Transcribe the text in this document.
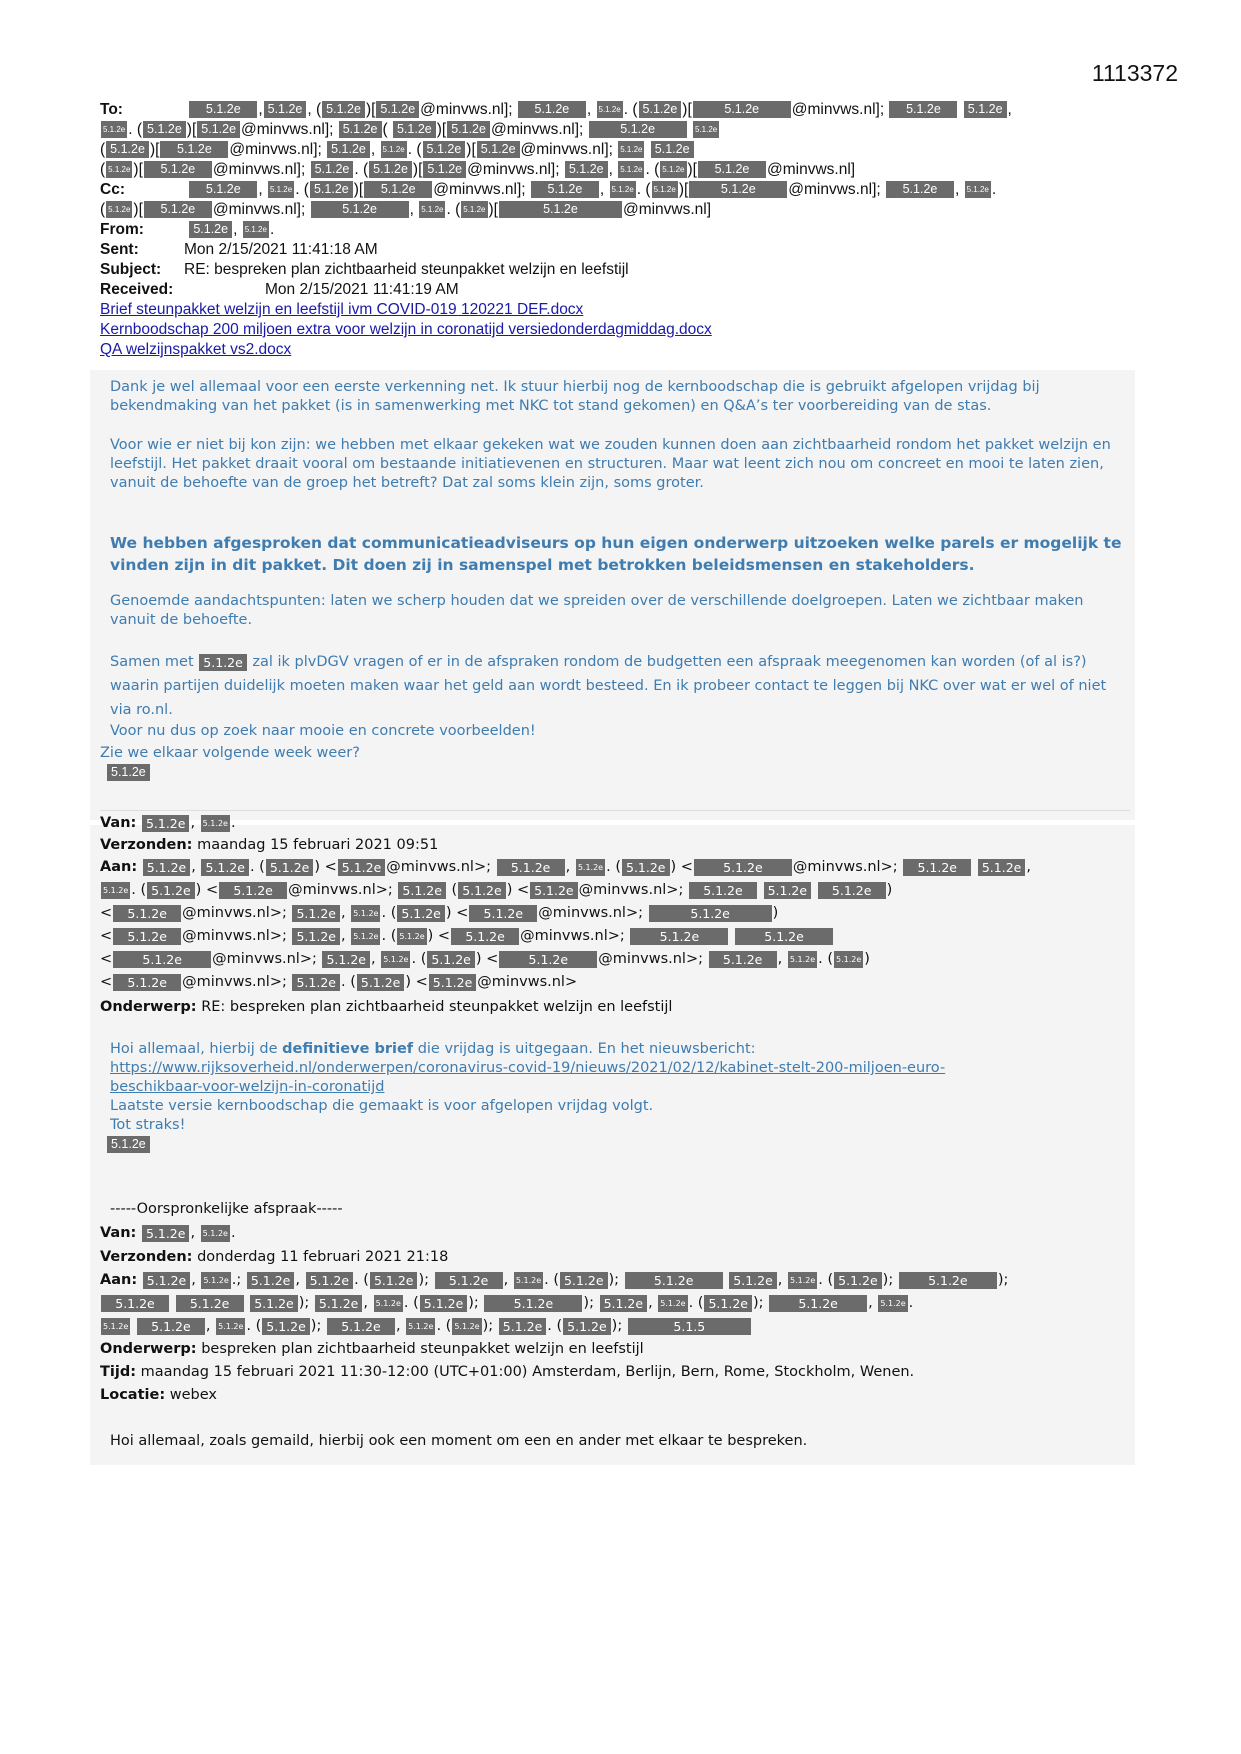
1113372
To:	5.1.2e , 5.1.2e , ( 5.1.2e )[ 5.1.2e @minvws.nl]; 5.1.2e , 5.1.2e . ( 5.1.2e )[	5.1.2e @minvws.nl]; 5.1.2e 5.1.2e ,
5.1.2e . ( 5.1.2e )[ 5.1.2e @minvws.nl]; 5.1.2e ( 5.1.2e )[ 5.1.2e @minvws.nl];	5.1.2e	5.1.2e
( 5.1.2e )[ 5.1.2e @minvws.nl]; 5.1.2e , 5.1.2e . ( 5.1.2e )[ 5.1.2e @minvws.nl]; 5.1.2e 5.1.2e
( 5.1.2e )[ 5.1.2e @minvws.nl]; 5.1.2e . ( 5.1.2e )[ 5.1.2e @minvws.nl]; 5.1.2e , 5.1.2e . ( 5.1.2e )[ 5.1.2e @minvws.nl]
Cc:	5.1.2e , 5.1.2e . ( 5.1.2e )[ 5.1.2e @minvws.nl]; 5.1.2e , 5.1.2e . ( 5.1.2e )[	5.1.2e @minvws.nl]; 5.1.2e , 5.1.2e .
( 5.1.2e )[ 5.1.2e @minvws.nl];	5.1.2e , 5.1.2e . ( 5.1.2e )[	5.1.2e	@minvws.nl]
From:	5.1.2e , 5.1.2e .
Sent:	Mon 2/15/2021 11:41:18 AM
Subject: RE: bespreken plan zichtbaarheid steunpakket welzijn en leefstijl
Received:	Mon 2/15/2021 11:41:19 AM
Brief steunpakket welzijn en leefstijl ivm COVID-019 120221 DEF.docx
Kernboodschap 200 miljoen extra voor welzijn in coronatijd versiedonderdagmiddag.docx
QA welzijnspakket vs2.docx
Dank je wel allemaal voor een eerste verkenning net. Ik stuur hierbij nog de kernboodschap die is gebruikt afgelopen vrijdag bij bekendmaking van het pakket (is in samenwerking met NKC tot stand gekomen) en Q&A’s ter voorbereiding van de stas.
Voor wie er niet bij kon zijn: we hebben met elkaar gekeken wat we zouden kunnen doen aan zichtbaarheid rondom het pakket welzijn en leefstijl. Het pakket draait vooral om bestaande initiatievenen en structuren. Maar wat leent zich nou om concreet en mooi te laten zien, vanuit de behoefte van de groep het betreft? Dat zal soms klein zijn, soms groter.
We hebben afgesproken dat communicatieadviseurs op hun eigen onderwerp uitzoeken welke parels er mogelijk te vinden zijn in dit pakket. Dit doen zij in samenspel met betrokken beleidsmensen en stakeholders.
Genoemde aandachtspunten: laten we scherp houden dat we spreiden over de verschillende doelgroepen. Laten we zichtbaar maken vanuit de behoefte.
Samen met 5.1.2e zal ik plvDGV vragen of er in de afspraken rondom de budgetten een afspraak meegenomen kan worden (of al is?) waarin partijen duidelijk moeten maken waar het geld aan wordt besteed. En ik probeer contact te leggen bij NKC over wat er wel of niet via ro.nl.
Voor nu dus op zoek naar mooie en concrete voorbeelden!
Zie we elkaar volgende week weer?
5.1.2e
Van: 5.1.2e , 5.1.2e .
Verzonden: maandag 15 februari 2021 09:51
Aan: 5.1.2e , 5.1.2e . ( 5.1.2e ) < 5.1.2e @minvws.nl>; 5.1.2e , 5.1.2e . ( 5.1.2e ) < 5.1.2e @minvws.nl>; 5.1.2e 5.1.2e ,
5.1.2e . ( 5.1.2e ) < 5.1.2e @minvws.nl>; 5.1.2e ( 5.1.2e ) < 5.1.2e @minvws.nl>; 5.1.2e 5.1.2e 5.1.2e )
< 5.1.2e @minvws.nl>; 5.1.2e , 5.1.2e . ( 5.1.2e ) < 5.1.2e @minvws.nl>;	5.1.2e	)
< 5.1.2e @minvws.nl>; 5.1.2e , 5.1.2e . ( 5.1.2e ) < 5.1.2e @minvws.nl>; 5.1.2e	5.1.2e
< 5.1.2e @minvws.nl>; 5.1.2e , 5.1.2e . ( 5.1.2e ) < 5.1.2e @minvws.nl>; 5.1.2e , 5.1.2e . ( 5.1.2e )
< 5.1.2e @minvws.nl>; 5.1.2e . ( 5.1.2e ) < 5.1.2e @minvws.nl>
Onderwerp: RE: bespreken plan zichtbaarheid steunpakket welzijn en leefstijl
Hoi allemaal, hierbij de definitieve brief die vrijdag is uitgegaan. En het nieuwsbericht:
https://www.rijksoverheid.nl/onderwerpen/coronavirus-covid-19/nieuws/2021/02/12/kabinet-stelt-200-miljoen-euro-
beschikbaar-voor-welzijn-in-coronatijd
Laatste versie kernboodschap die gemaakt is voor afgelopen vrijdag volgt.
Tot straks!
5.1.2e
-----Oorspronkelijke afspraak-----
Van: 5.1.2e , 5.1.2e .
Verzonden: donderdag 11 februari 2021 21:18
Aan: 5.1.2e , 5.1.2e .; 5.1.2e , 5.1.2e . ( 5.1.2e ); 5.1.2e , 5.1.2e . ( 5.1.2e ); 5.1.2e	5.1.2e , 5.1.2e . ( 5.1.2e ); 5.1.2e );
5.1.2e	5.1.2e 5.1.2e ); 5.1.2e , 5.1.2e . ( 5.1.2e ); 5.1.2e ); 5.1.2e , 5.1.2e . ( 5.1.2e ); 5.1.2e , 5.1.2e .
5.1.2e 5.1.2e , 5.1.2e . ( 5.1.2e ); 5.1.2e , 5.1.2e . ( 5.1.2e ); 5.1.2e . ( 5.1.2e );	5.1.5
Onderwerp: bespreken plan zichtbaarheid steunpakket welzijn en leefstijl
Tijd: maandag 15 februari 2021 11:30-12:00 (UTC+01:00) Amsterdam, Berlijn, Bern, Rome, Stockholm, Wenen.
Locatie: webex
Hoi allemaal, zoals gemaild, hierbij ook een moment om een en ander met elkaar te bespreken.
